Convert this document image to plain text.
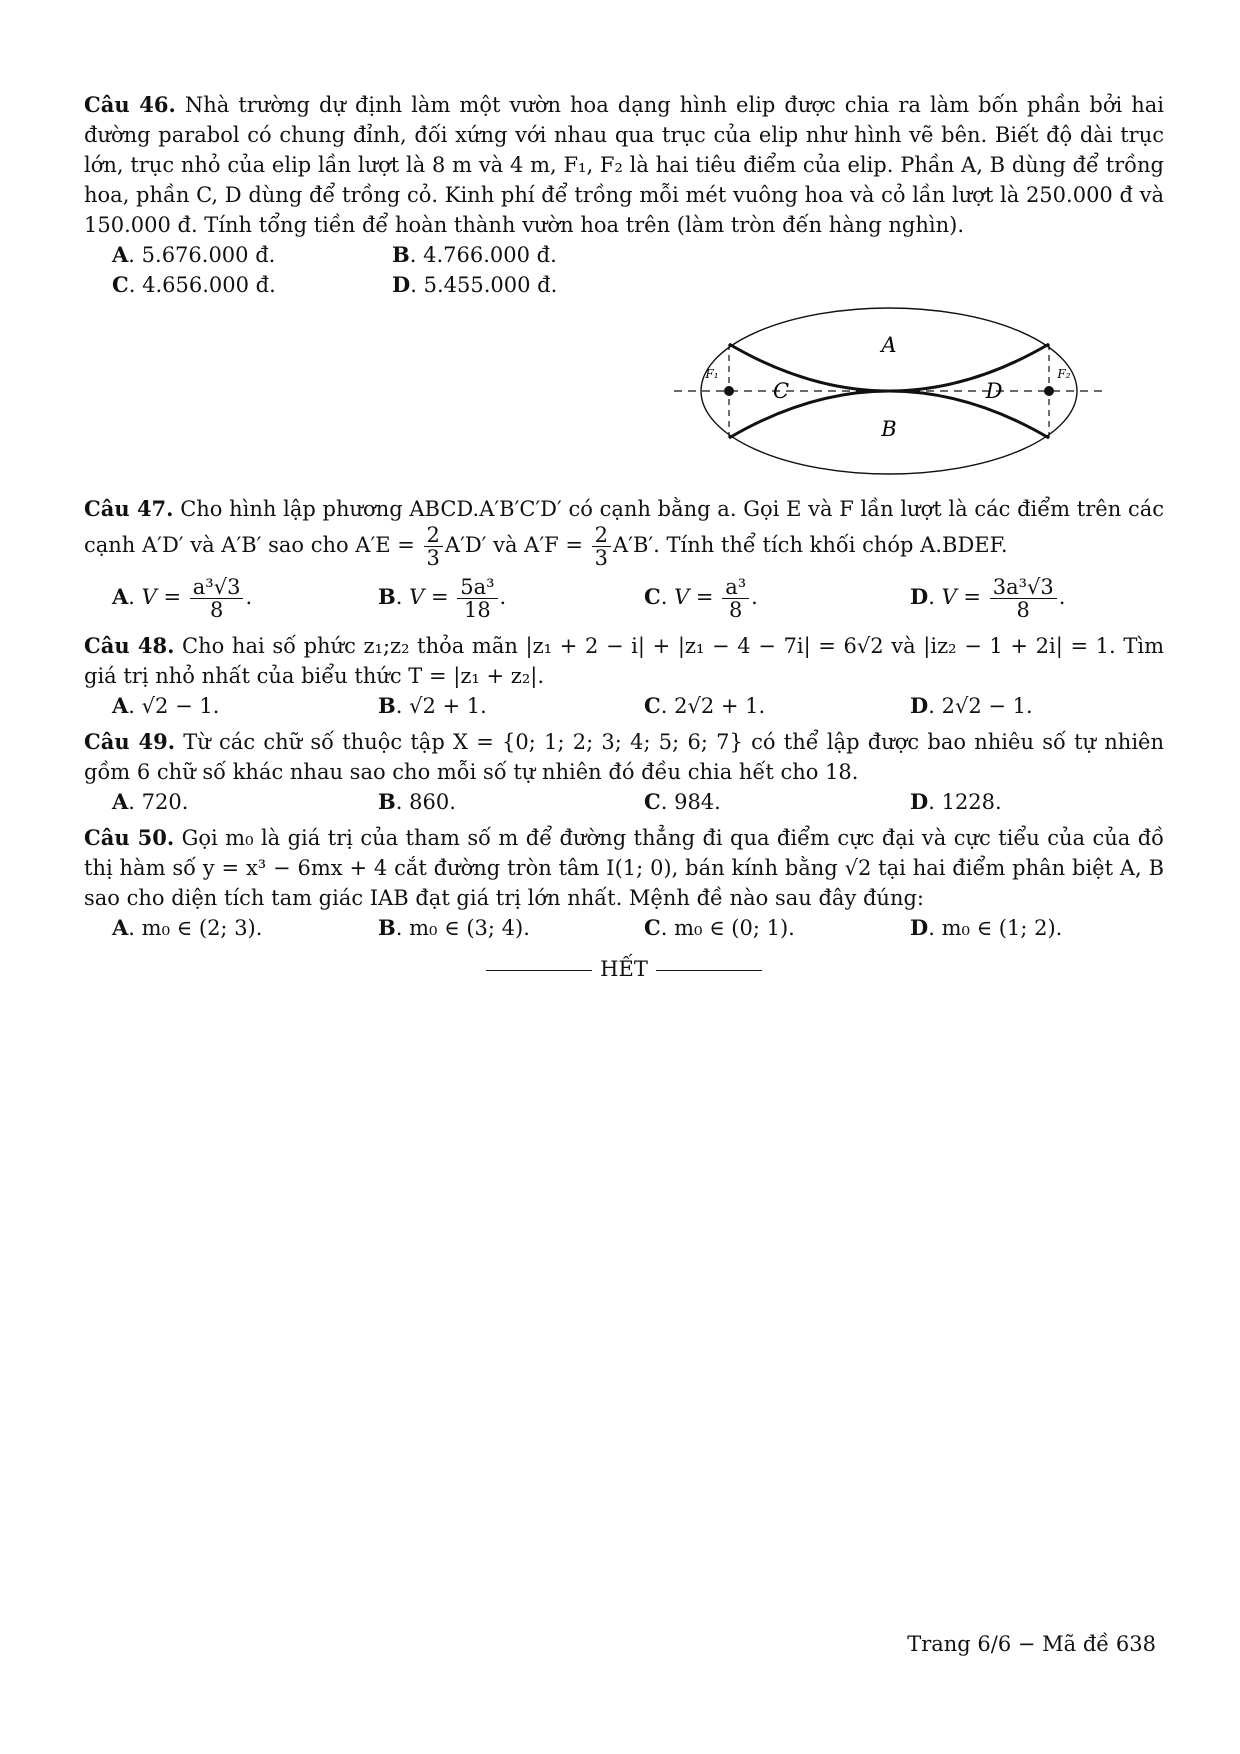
Câu 46. Nhà trường dự định làm một vườn hoa dạng hình elip được chia ra làm bốn phần bởi hai đường parabol có chung đỉnh, đối xứng với nhau qua trục của elip như hình vẽ bên. Biết độ dài trục lớn, trục nhỏ của elip lần lượt là 8 m và 4 m, F₁, F₂ là hai tiêu điểm của elip. Phần A, B dùng để trồng hoa, phần C, D dùng để trồng cỏ. Kinh phí để trồng mỗi mét vuông hoa và cỏ lần lượt là 250.000 đ và 150.000 đ. Tính tổng tiền để hoàn thành vườn hoa trên (làm tròn đến hàng nghìn).
A. 5.676.000 đ.	B. 4.766.000 đ.
C. 4.656.000 đ.	D. 5.455.000 đ.
A
B
C	D
F₁	F₂
Câu 47. Cho hình lập phương ABCD.A′B′C′D′ có cạnh bằng a. Gọi E và F lần lượt là các điểm trên các cạnh A′D′ và A′B′ sao cho $A'E = \frac{2}{3} A'D'$ và $A'F = \frac{2}{3} A'B'$. Tính thể tích khối chóp A.BDEF.
A. $V = \frac{\text{a³√3}}{8}$ .	B. $V = \frac{\text{5a³}}{18}$ .	C. $V = \frac{\text{a³}}{8}$ .	D. $V = \frac{\text{3a³√3}}{8}$ .
Câu 48. Cho hai số phức z₁;z₂ thỏa mãn |z₁ + 2 − i| + |z₁ − 4 − 7i| = 6√2 và |iz₂ − 1 + 2i| = 1. Tìm giá trị nhỏ nhất của biểu thức T = |z₁ + z₂|.
A. √2 − 1.	B. √2 + 1.	C. 2√2 + 1.	D. 2√2 − 1.
Câu 49. Từ các chữ số thuộc tập X = {0; 1; 2; 3; 4; 5; 6; 7} có thể lập được bao nhiêu số tự nhiên gồm 6 chữ số khác nhau sao cho mỗi số tự nhiên đó đều chia hết cho 18.
A. 720.	B. 860.	C. 984.	D. 1228.
Câu 50. Gọi m₀ là giá trị của tham số m để đường thẳng đi qua điểm cực đại và cực tiểu của của đồ thị hàm số y = x³ − 6mx + 4 cắt đường tròn tâm I(1; 0), bán kính bằng √2 tại hai điểm phân biệt A, B sao cho diện tích tam giác IAB đạt giá trị lớn nhất. Mệnh đề nào sau đây đúng:
A. m₀ ∈ (2; 3).	B. m₀ ∈ (3; 4).	C. m₀ ∈ (0; 1).	D. m₀ ∈ (1; 2).
HẾT
Trang 6/6 − Mã đề 638
